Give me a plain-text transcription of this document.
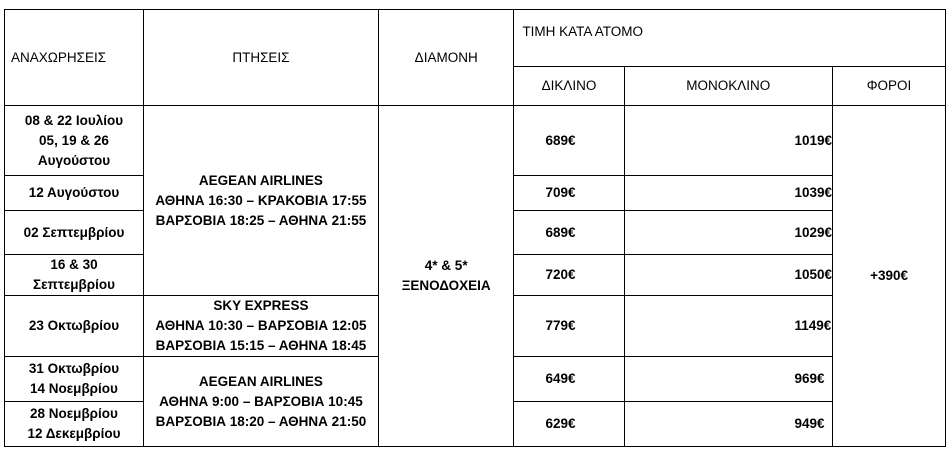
ΑΝΑΧΩΡΗΣΕΙΣ	ΠΤΗΣΕΙΣ	ΔΙΑΜΟΝΗ	ΤΙΜΗ ΚΑΤΑ ΑΤΟΜΟ		
			ΔΙΚΛΙΝΟ	ΜΟΝΟΚΛΙΝΟ	ΦΟΡΟΙ

08 & 22 Ιουλίου
05, 19 & 26
Αυγούστου	AEGEAN AIRLINES
ΑΘΗΝΑ 16:30 – ΚΡΑΚΟΒΙΑ 17:55
ΒΑΡΣΟΒΙΑ 18:25 – ΑΘΗΝΑ 21:55	4* & 5*
ΞΕΝΟΔΟΧΕΙΑ	689€	1019€	+390€

12 Αυγούστου			709€	1039€	

02 Σεπτεμβρίου			689€	1029€	

16 & 30
Σεπτεμβρίου			720€	1050€	

23 Οκτωβρίου	SKY EXPRESS
ΑΘΗΝΑ 10:30 – ΒΑΡΣΟΒΙΑ 12:05
ΒΑΡΣΟΒΙΑ 15:15 – ΑΘΗΝΑ 18:45		779€	1149€	

31 Οκτωβρίου
14 Νοεμβρίου	AEGEAN AIRLINES
ΑΘΗΝΑ 9:00 – ΒΑΡΣΟΒΙΑ 10:45
ΒΑΡΣΟΒΙΑ 18:20 – ΑΘΗΝΑ 21:50		649€	969€	

28 Νοεμβρίου
12 Δεκεμβρίου			629€	949€	
